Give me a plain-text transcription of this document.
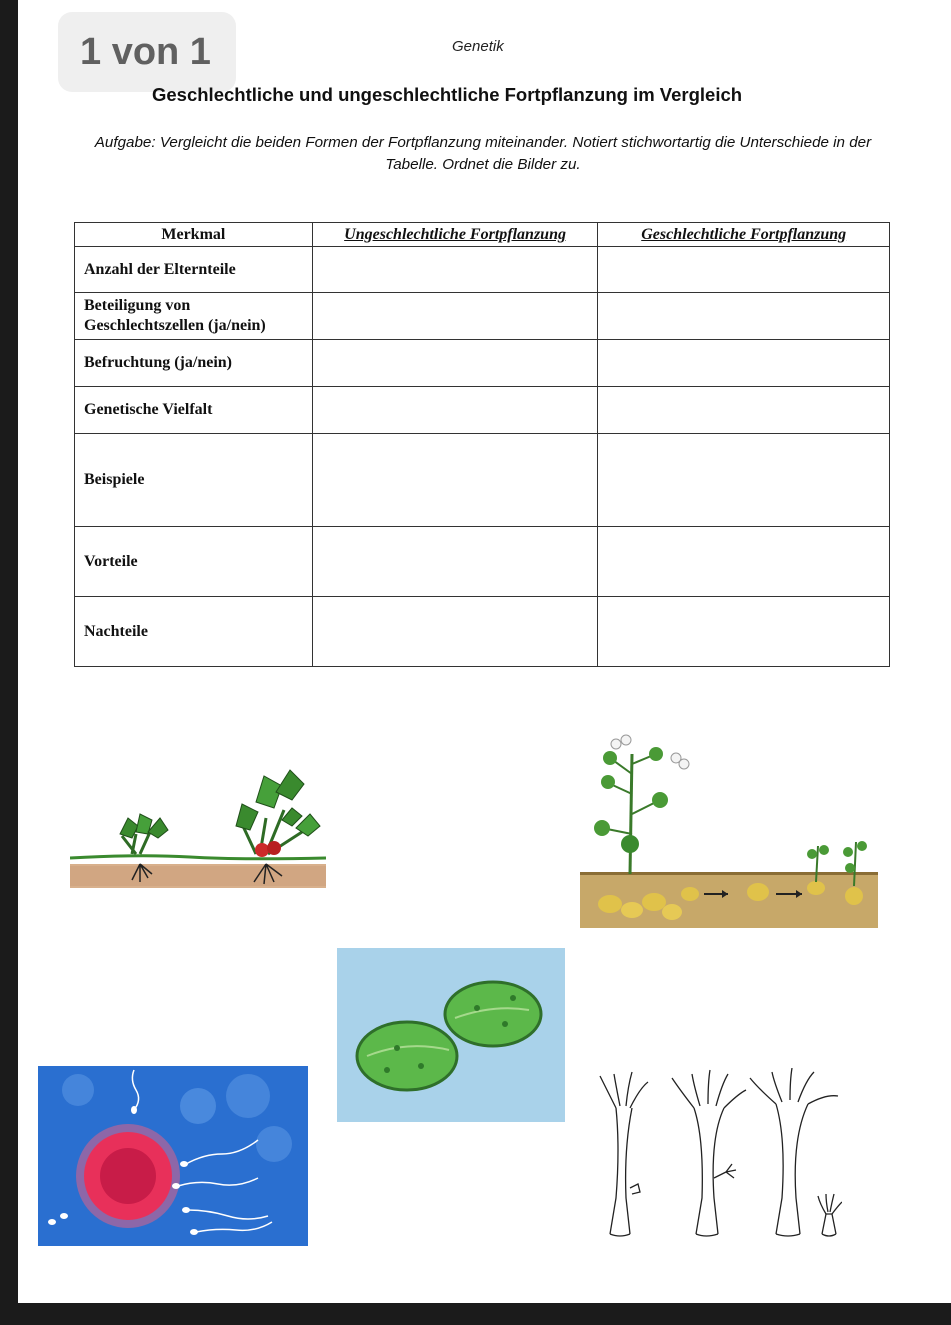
1 von 1	Genetik
Geschlechtliche und ungeschlechtliche Fortpflanzung im Vergleich
Aufgabe: Vergleicht die beiden Formen der Fortpflanzung miteinander. Notiert stichwortartig die Unterschiede in der Tabelle. Ordnet die Bilder zu.
Merkmal	Ungeschlechtliche Fortpflanzung	Geschlechtliche Fortpflanzung
Anzahl der Elternteile		
Beteiligung von
Geschlechtszellen (ja/nein)		
Befruchtung (ja/nein)		
Genetische Vielfalt		
Beispiele		
Vorteile		
Nachteile		
